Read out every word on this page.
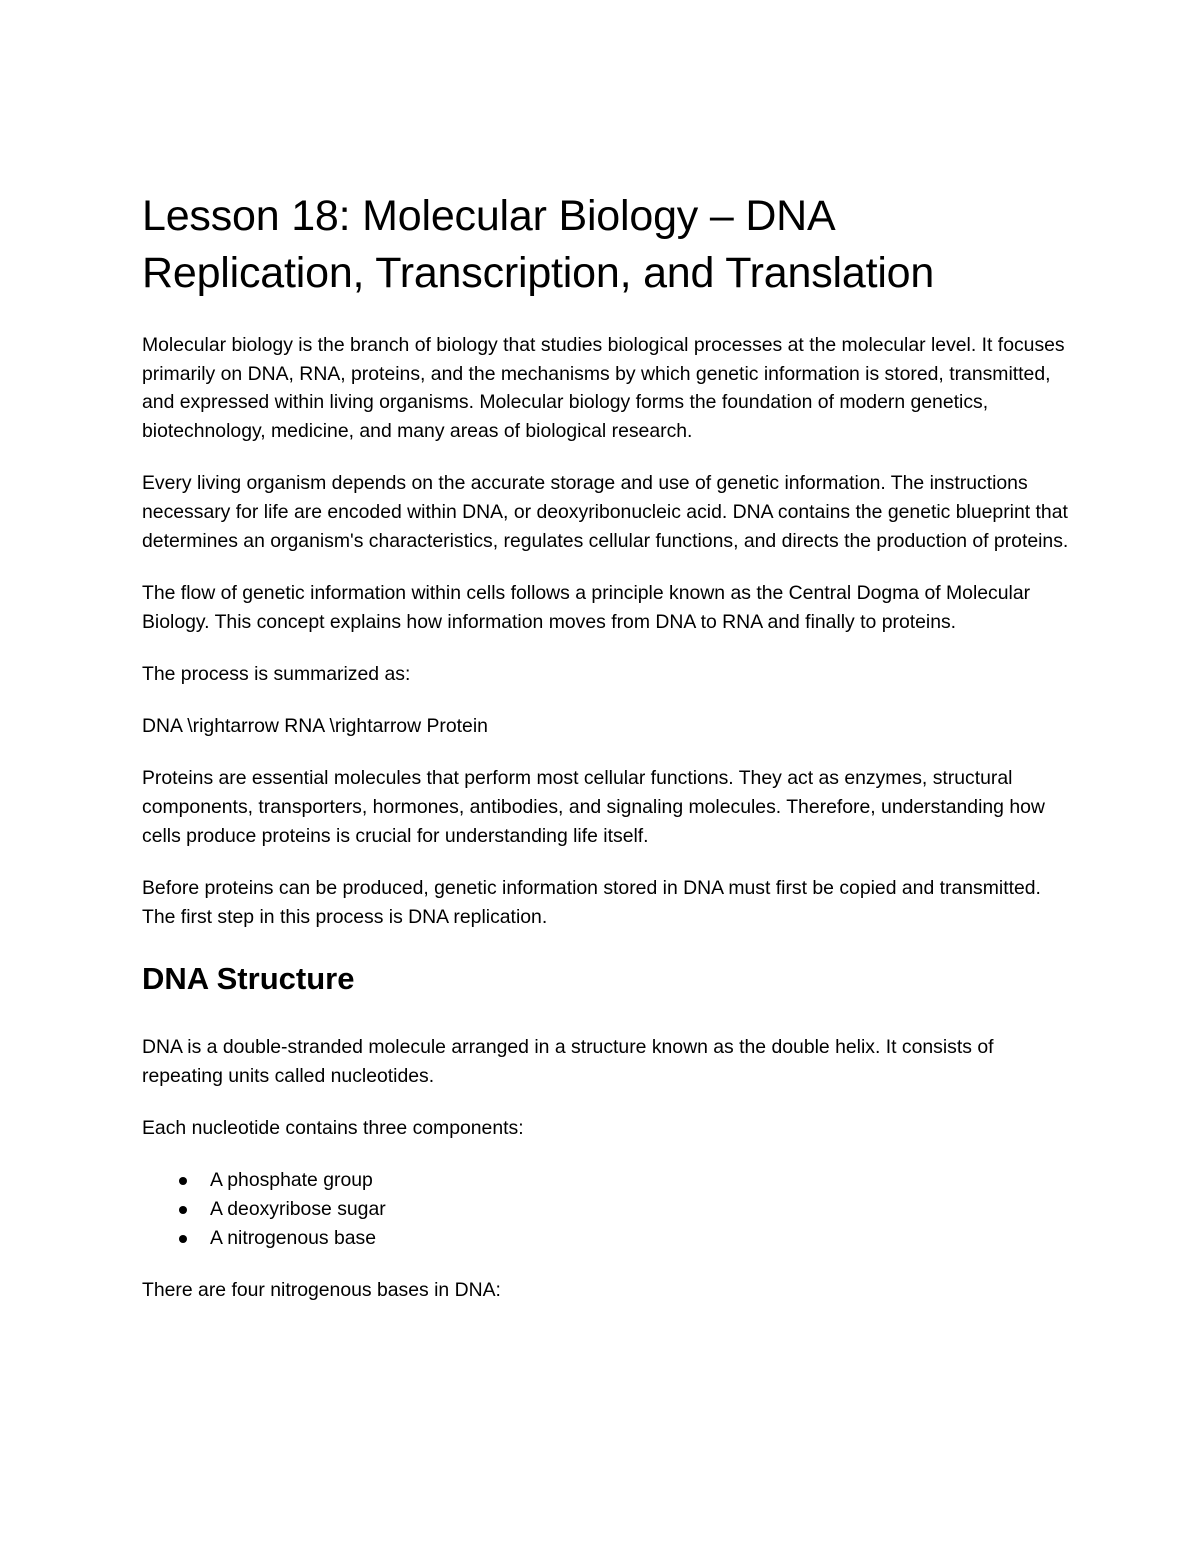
Lesson 18: Molecular Biology – DNA
Replication, Transcription, and Translation

Molecular biology is the branch of biology that studies biological processes at the molecular level. It focuses primarily on DNA, RNA, proteins, and the mechanisms by which genetic information is stored, transmitted, and expressed within living organisms. Molecular biology forms the foundation of modern genetics, biotechnology, medicine, and many areas of biological research.

Every living organism depends on the accurate storage and use of genetic information. The instructions necessary for life are encoded within DNA, or deoxyribonucleic acid. DNA contains the genetic blueprint that determines an organism's characteristics, regulates cellular functions, and directs the production of proteins.

The flow of genetic information within cells follows a principle known as the Central Dogma of Molecular Biology. This concept explains how information moves from DNA to RNA and finally to proteins.

The process is summarized as:

DNA \rightarrow RNA \rightarrow Protein

Proteins are essential molecules that perform most cellular functions. They act as enzymes, structural components, transporters, hormones, antibodies, and signaling molecules. Therefore, understanding how cells produce proteins is crucial for understanding life itself.

Before proteins can be produced, genetic information stored in DNA must first be copied and transmitted. The first step in this process is DNA replication.

DNA Structure

DNA is a double-stranded molecule arranged in a structure known as the double helix. It consists of repeating units called nucleotides.

Each nucleotide contains three components:

A phosphate group
A deoxyribose sugar
A nitrogenous base

There are four nitrogenous bases in DNA:
